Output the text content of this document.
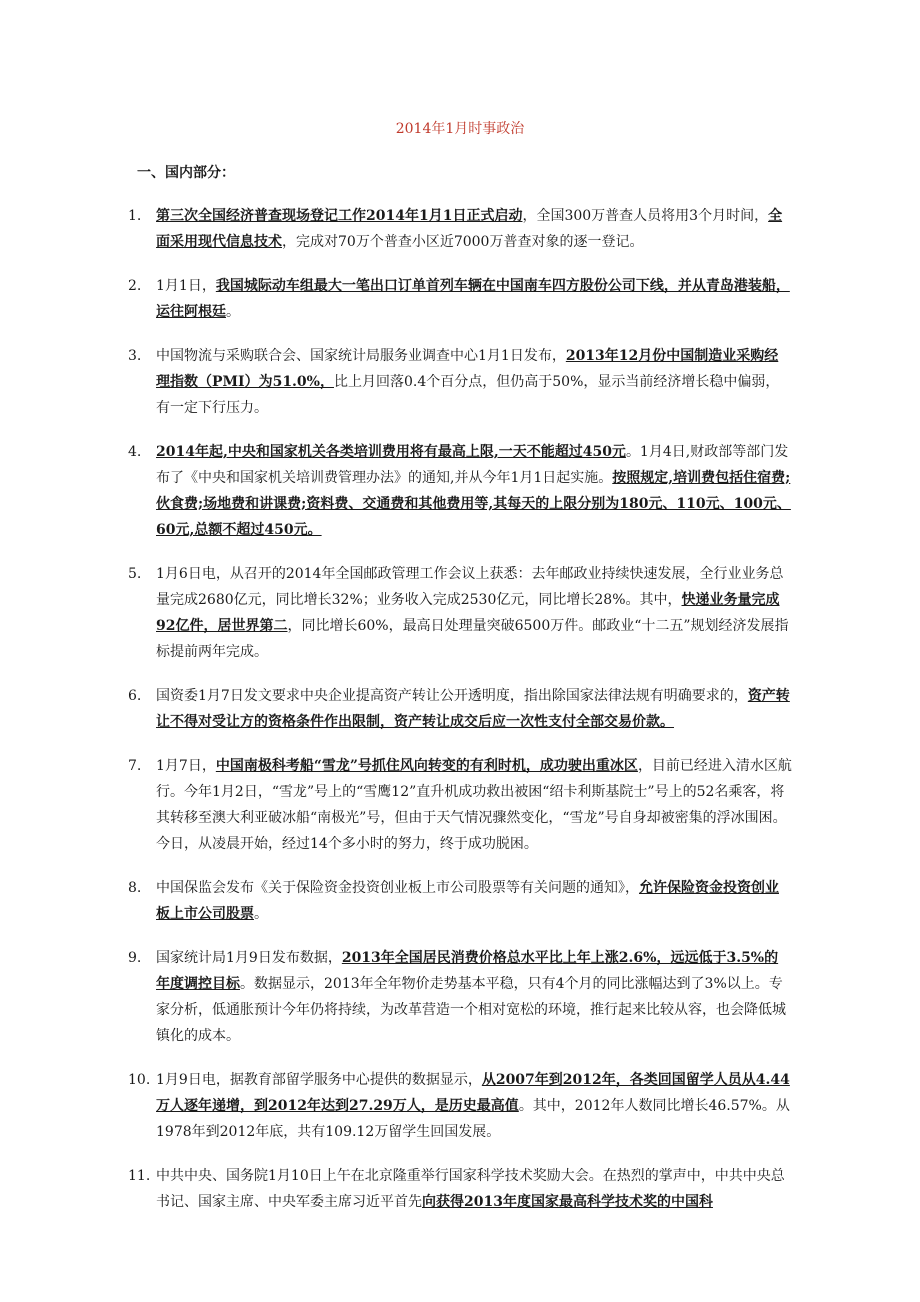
2014年1月时事政治
一、国内部分：
1. 第三次全国经济普查现场登记工作2014年1月1日正式启动，全国300万普查人员将用3个月时间，全面采用现代信息技术，完成对70万个普查小区近7000万普查对象的逐一登记。
2. 1月1日，我国城际动车组最大一笔出口订单首列车辆在中国南车四方股份公司下线，并从青岛港装船，运往阿根廷。
3. 中国物流与采购联合会、国家统计局服务业调查中心1月1日发布，2013年12月份中国制造业采购经理指数（PMI）为51.0%，比上月回落0.4个百分点，但仍高于50%，显示当前经济增长稳中偏弱，有一定下行压力。
4. 2014年起,中央和国家机关各类培训费用将有最高上限,一天不能超过450元。1月4日,财政部等部门发布了《中央和国家机关培训费管理办法》的通知,并从今年1月1日起实施。按照规定,培训费包括住宿费;伙食费;场地费和讲课费;资料费、交通费和其他费用等,其每天的上限分别为180元、110元、100元、60元,总额不超过450元。
5. 1月6日电，从召开的2014年全国邮政管理工作会议上获悉：去年邮政业持续快速发展，全行业业务总量完成2680亿元，同比增长32%；业务收入完成2530亿元，同比增长28%。其中，快递业务量完成92亿件，居世界第二，同比增长60%，最高日处理量突破6500万件。邮政业“十二五”规划经济发展指标提前两年完成。
6. 国资委1月7日发文要求中央企业提高资产转让公开透明度，指出除国家法律法规有明确要求的，资产转让不得对受让方的资格条件作出限制，资产转让成交后应一次性支付全部交易价款。
7. 1月7日，中国南极科考船“雪龙”号抓住风向转变的有利时机，成功驶出重冰区，目前已经进入清水区航行。今年1月2日，“雪龙”号上的“雪鹰12”直升机成功救出被困“绍卡利斯基院士”号上的52名乘客，将其转移至澳大利亚破冰船“南极光”号，但由于天气情况骤然变化，“雪龙”号自身却被密集的浮冰围困。今日，从凌晨开始，经过14个多小时的努力，终于成功脱困。
8. 中国保监会发布《关于保险资金投资创业板上市公司股票等有关问题的通知》，允许保险资金投资创业板上市公司股票。
9. 国家统计局1月9日发布数据，2013年全国居民消费价格总水平比上年上涨2.6%，远远低于3.5%的年度调控目标。数据显示，2013年全年物价走势基本平稳，只有4个月的同比涨幅达到了3%以上。专家分析，低通胀预计今年仍将持续，为改革营造一个相对宽松的环境，推行起来比较从容，也会降低城镇化的成本。
10. 1月9日电，据教育部留学服务中心提供的数据显示，从2007年到2012年，各类回国留学人员从4.44万人逐年递增，到2012年达到27.29万人，是历史最高值。其中，2012年人数同比增长46.57%。从1978年到2012年底，共有109.12万留学生回国发展。
11. 中共中央、国务院1月10日上午在北京隆重举行国家科学技术奖励大会。在热烈的掌声中，中共中央总书记、国家主席、中央军委主席习近平首先向获得2013年度国家最高科学技术奖的中国科
